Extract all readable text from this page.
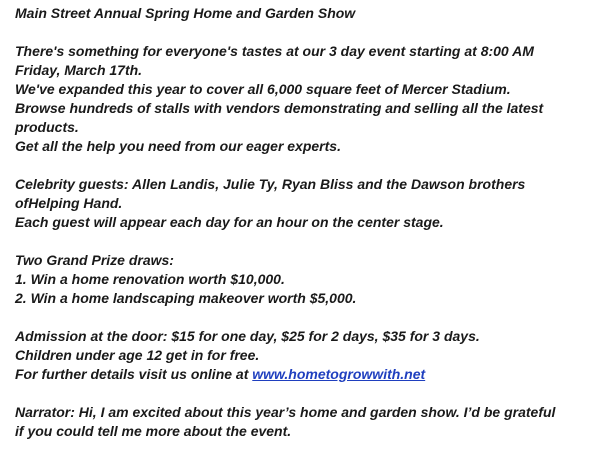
Main Street Annual Spring Home and Garden Show
There's something for everyone's tastes at our 3 day event starting at 8:00 AM
Friday, March 17th.
We've expanded this year to cover all 6,000 square feet of Mercer Stadium.
Browse hundreds of stalls with vendors demonstrating and selling all the latest
products.
Get all the help you need from our eager experts.
Celebrity guests: Allen Landis, Julie Ty, Ryan Bliss and the Dawson brothers
ofHelping Hand.
Each guest will appear each day for an hour on the center stage.
Two Grand Prize draws:
1. Win a home renovation worth $10,000.
2. Win a home landscaping makeover worth $5,000.
Admission at the door: $15 for one day, $25 for 2 days, $35 for 3 days.
Children under age 12 get in for free.
For further details visit us online at www.hometogrowwith.net
Narrator: Hi, I am excited about this year’s home and garden show. I’d be grateful
if you could tell me more about the event.
